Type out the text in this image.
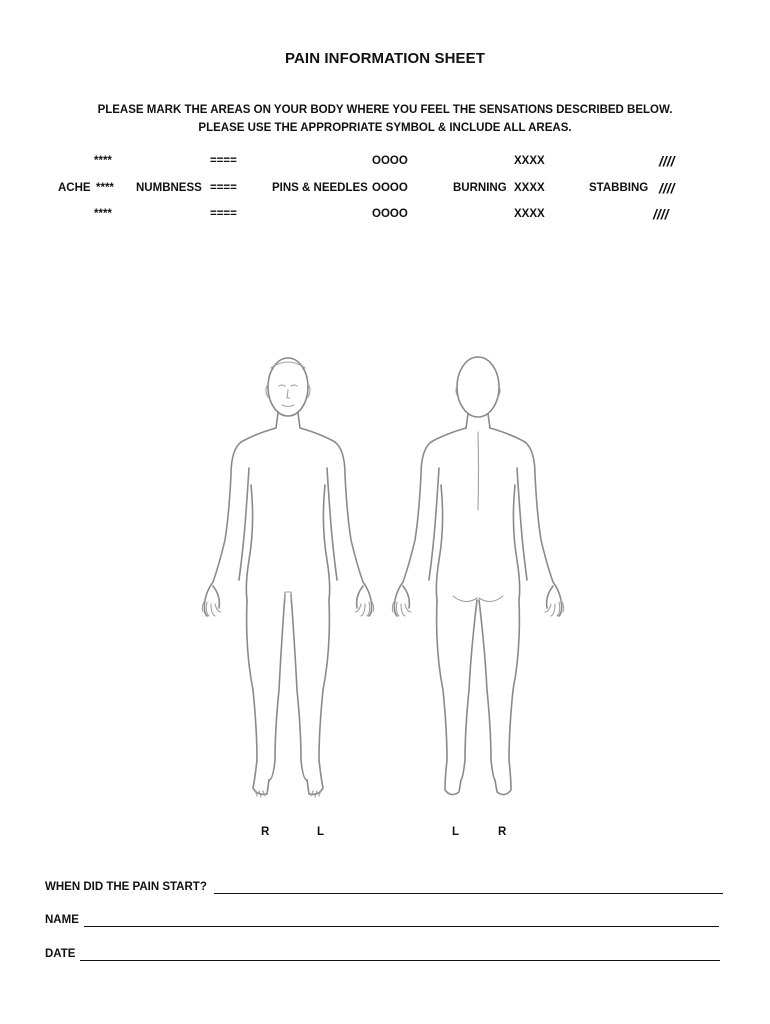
PAIN INFORMATION SHEET
PLEASE MARK THE AREAS ON YOUR BODY WHERE YOU FEEL THE SENSATIONS DESCRIBED BELOW.
PLEASE USE THE APPROPRIATE SYMBOL & INCLUDE ALL AREAS.
****	====	OOOO	XXXX	////
ACHE **** NUMBNESS ====	PINS & NEEDLES OOOO	BURNING XXXX	STABBING ////
****	====	OOOO	XXXX	////
R	L	L	R
WHEN DID THE PAIN START?
NAME
DATE
